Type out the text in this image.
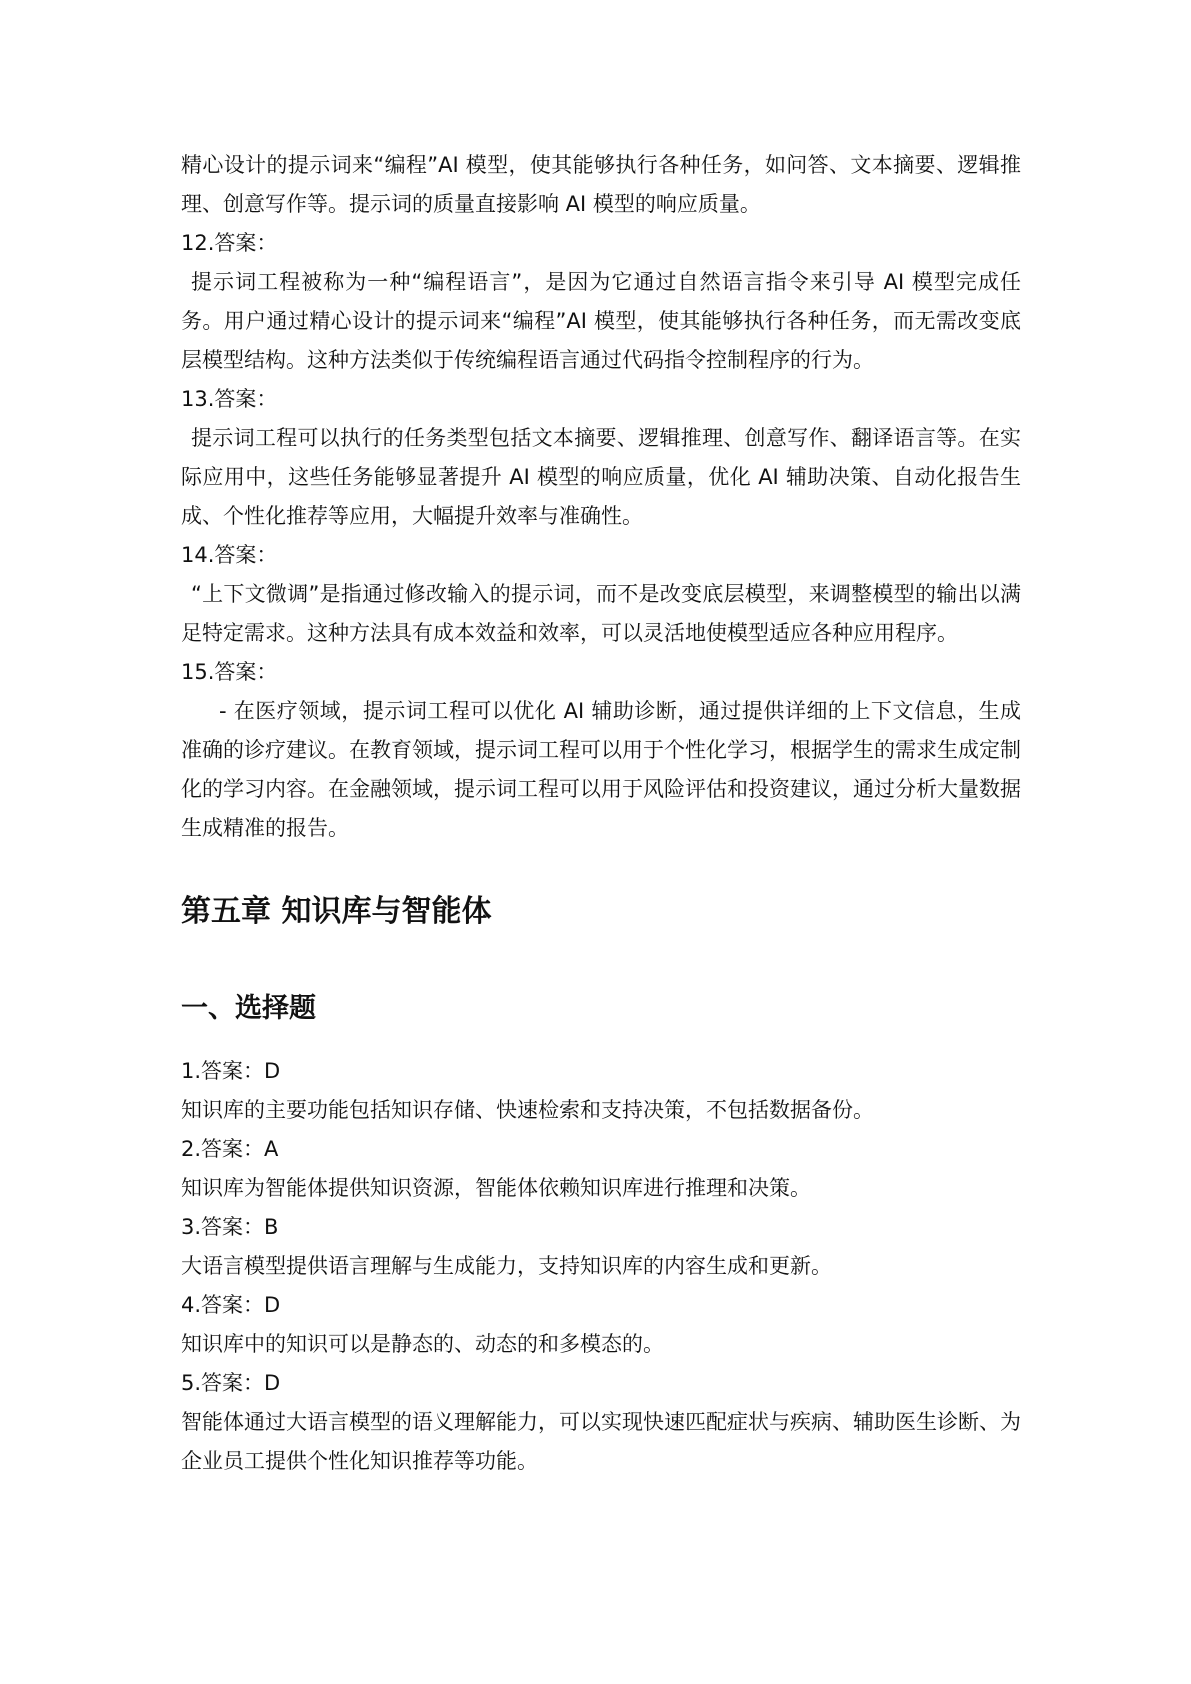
精心设计的提示词来“编程”AI 模型，使其能够执行各种任务，如问答、文本摘要、逻辑推理、创意写作等。提示词的质量直接影响 AI 模型的响应质量。

12.答案：

提示词工程被称为一种“编程语言”，是因为它通过自然语言指令来引导 AI 模型完成任务。用户通过精心设计的提示词来“编程”AI 模型，使其能够执行各种任务，而无需改变底层模型结构。这种方法类似于传统编程语言通过代码指令控制程序的行为。

13.答案：

提示词工程可以执行的任务类型包括文本摘要、逻辑推理、创意写作、翻译语言等。在实际应用中，这些任务能够显著提升 AI 模型的响应质量，优化 AI 辅助决策、自动化报告生成、个性化推荐等应用，大幅提升效率与准确性。

14.答案：

“上下文微调”是指通过修改输入的提示词，而不是改变底层模型，来调整模型的输出以满足特定需求。这种方法具有成本效益和效率，可以灵活地使模型适应各种应用程序。

15.答案：

- 在医疗领域，提示词工程可以优化 AI 辅助诊断，通过提供详细的上下文信息，生成准确的诊疗建议。在教育领域，提示词工程可以用于个性化学习，根据学生的需求生成定制化的学习内容。在金融领域，提示词工程可以用于风险评估和投资建议，通过分析大量数据生成精准的报告。

第五章 知识库与智能体
一、选择题

1.答案：D

知识库的主要功能包括知识存储、快速检索和支持决策，不包括数据备份。

2.答案：A

知识库为智能体提供知识资源，智能体依赖知识库进行推理和决策。

3.答案：B

大语言模型提供语言理解与生成能力，支持知识库的内容生成和更新。

4.答案：D

知识库中的知识可以是静态的、动态的和多模态的。

5.答案：D

智能体通过大语言模型的语义理解能力，可以实现快速匹配症状与疾病、辅助医生诊断、为企业员工提供个性化知识推荐等功能。
